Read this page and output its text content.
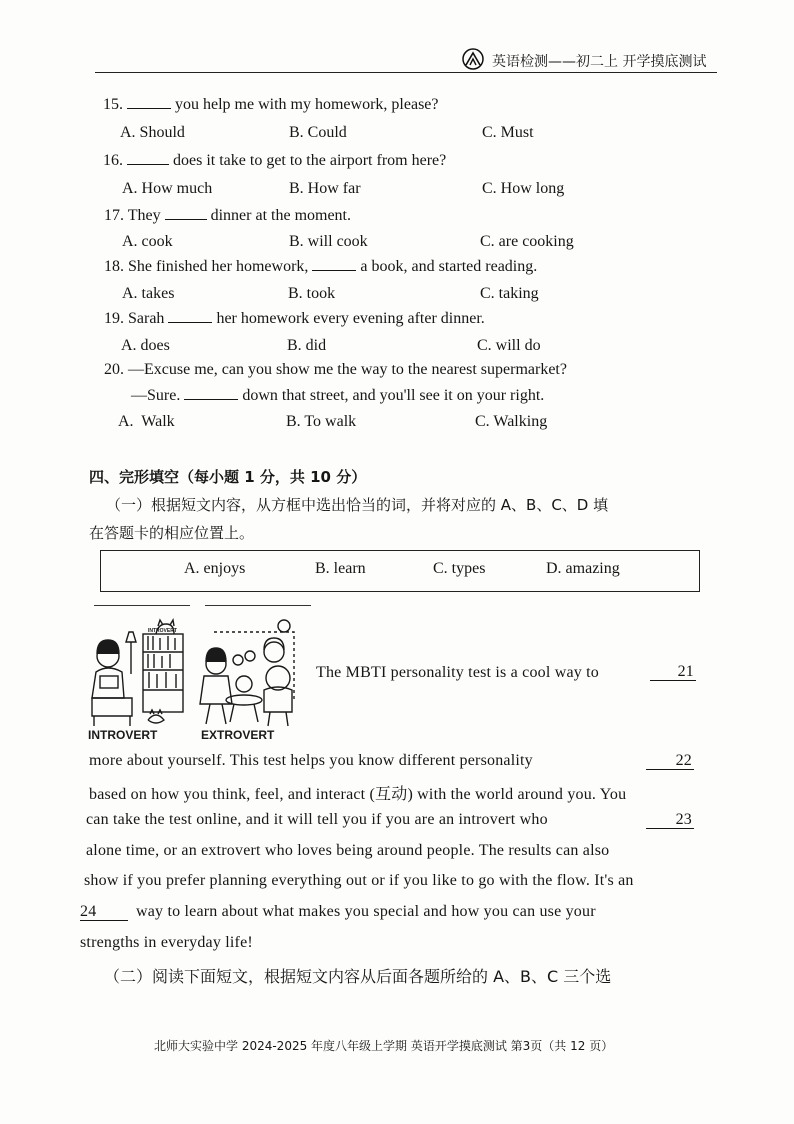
英语检测——初二上 开学摸底测试
15.	you help me with my homework, please?
A. Should	B. Could	C. Must
16.	does it take to get to the airport from here?
A. How much	B. How far	C. How long
17. They	dinner at the moment.
A. cook	B. will cook	C. are cooking
18. She finished her homework,	a book, and started reading.
A. takes	B. took	C. taking
19. Sarah	her homework every evening after dinner.
A. does	B. did	C. will do
20. —Excuse me, can you show me the way to the nearest supermarket?
—Sure.	down that street, and you'll see it on your right.
A.  Walk	B. To walk	C. Walking
四、完形填空（每小题 1 分，共 10 分）
（一）根据短文内容，从方框中选出恰当的词，并将对应的 A、B、C、D 填
在答题卡的相应位置上。
A. enjoys	B. learn	C. types	D. amazing
INTROVERT
INTROVERT	EXTROVERT
The MBTI personality test is a cool way to	21
more about yourself. This test helps you know different personality	22
based on how you think, feel, and interact (互动) with the world around you. You
can take the test online, and it will tell you if you are an introvert who	23
alone time, or an extrovert who loves being around people. The results can also
show if you prefer planning everything out or if you like to go with the flow. It's an
24	way to learn about what makes you special and how you can use your
strengths in everyday life!
（二）阅读下面短文，根据短文内容从后面各题所给的 A、B、C 三个选
北师大实验中学 2024-2025 年度八年级上学期 英语开学摸底测试 第3页（共 12 页）
